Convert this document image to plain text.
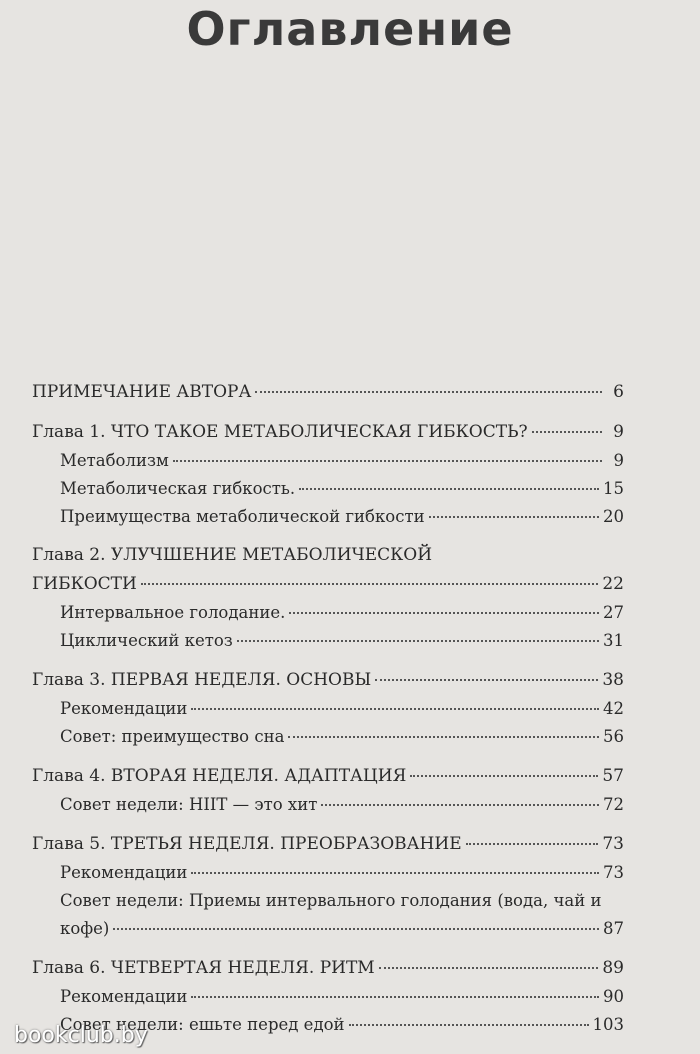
Оглавление
ПРИМЕЧАНИЕ АВТОРА	6
Глава 1. ЧТО ТАКОЕ МЕТАБОЛИЧЕСКАЯ ГИБКОСТЬ?	9
Метаболизм	9
Метаболическая гибкость.	15
Преимущества метаболической гибкости	20
Глава 2. УЛУЧШЕНИЕ МЕТАБОЛИЧЕСКОЙ
ГИБКОСТИ	22
Интервальное голодание.	27
Циклический кетоз	31
Глава 3. ПЕРВАЯ НЕДЕЛЯ. ОСНОВЫ	38
Рекомендации	42
Совет: преимущество сна	56
Глава 4. ВТОРАЯ НЕДЕЛЯ. АДАПТАЦИЯ	57
Совет недели: HIIT — это хит	72
Глава 5. ТРЕТЬЯ НЕДЕЛЯ. ПРЕОБРАЗОВАНИЕ	73
Рекомендации	73
Совет недели: Приемы интервального голодания (вода, чай и
кофе)	87
Глава 6. ЧЕТВЕРТАЯ НЕДЕЛЯ. РИТМ	89
Рекомендации	90
Совет недели: ешьте перед едой	103
bookclub.by
